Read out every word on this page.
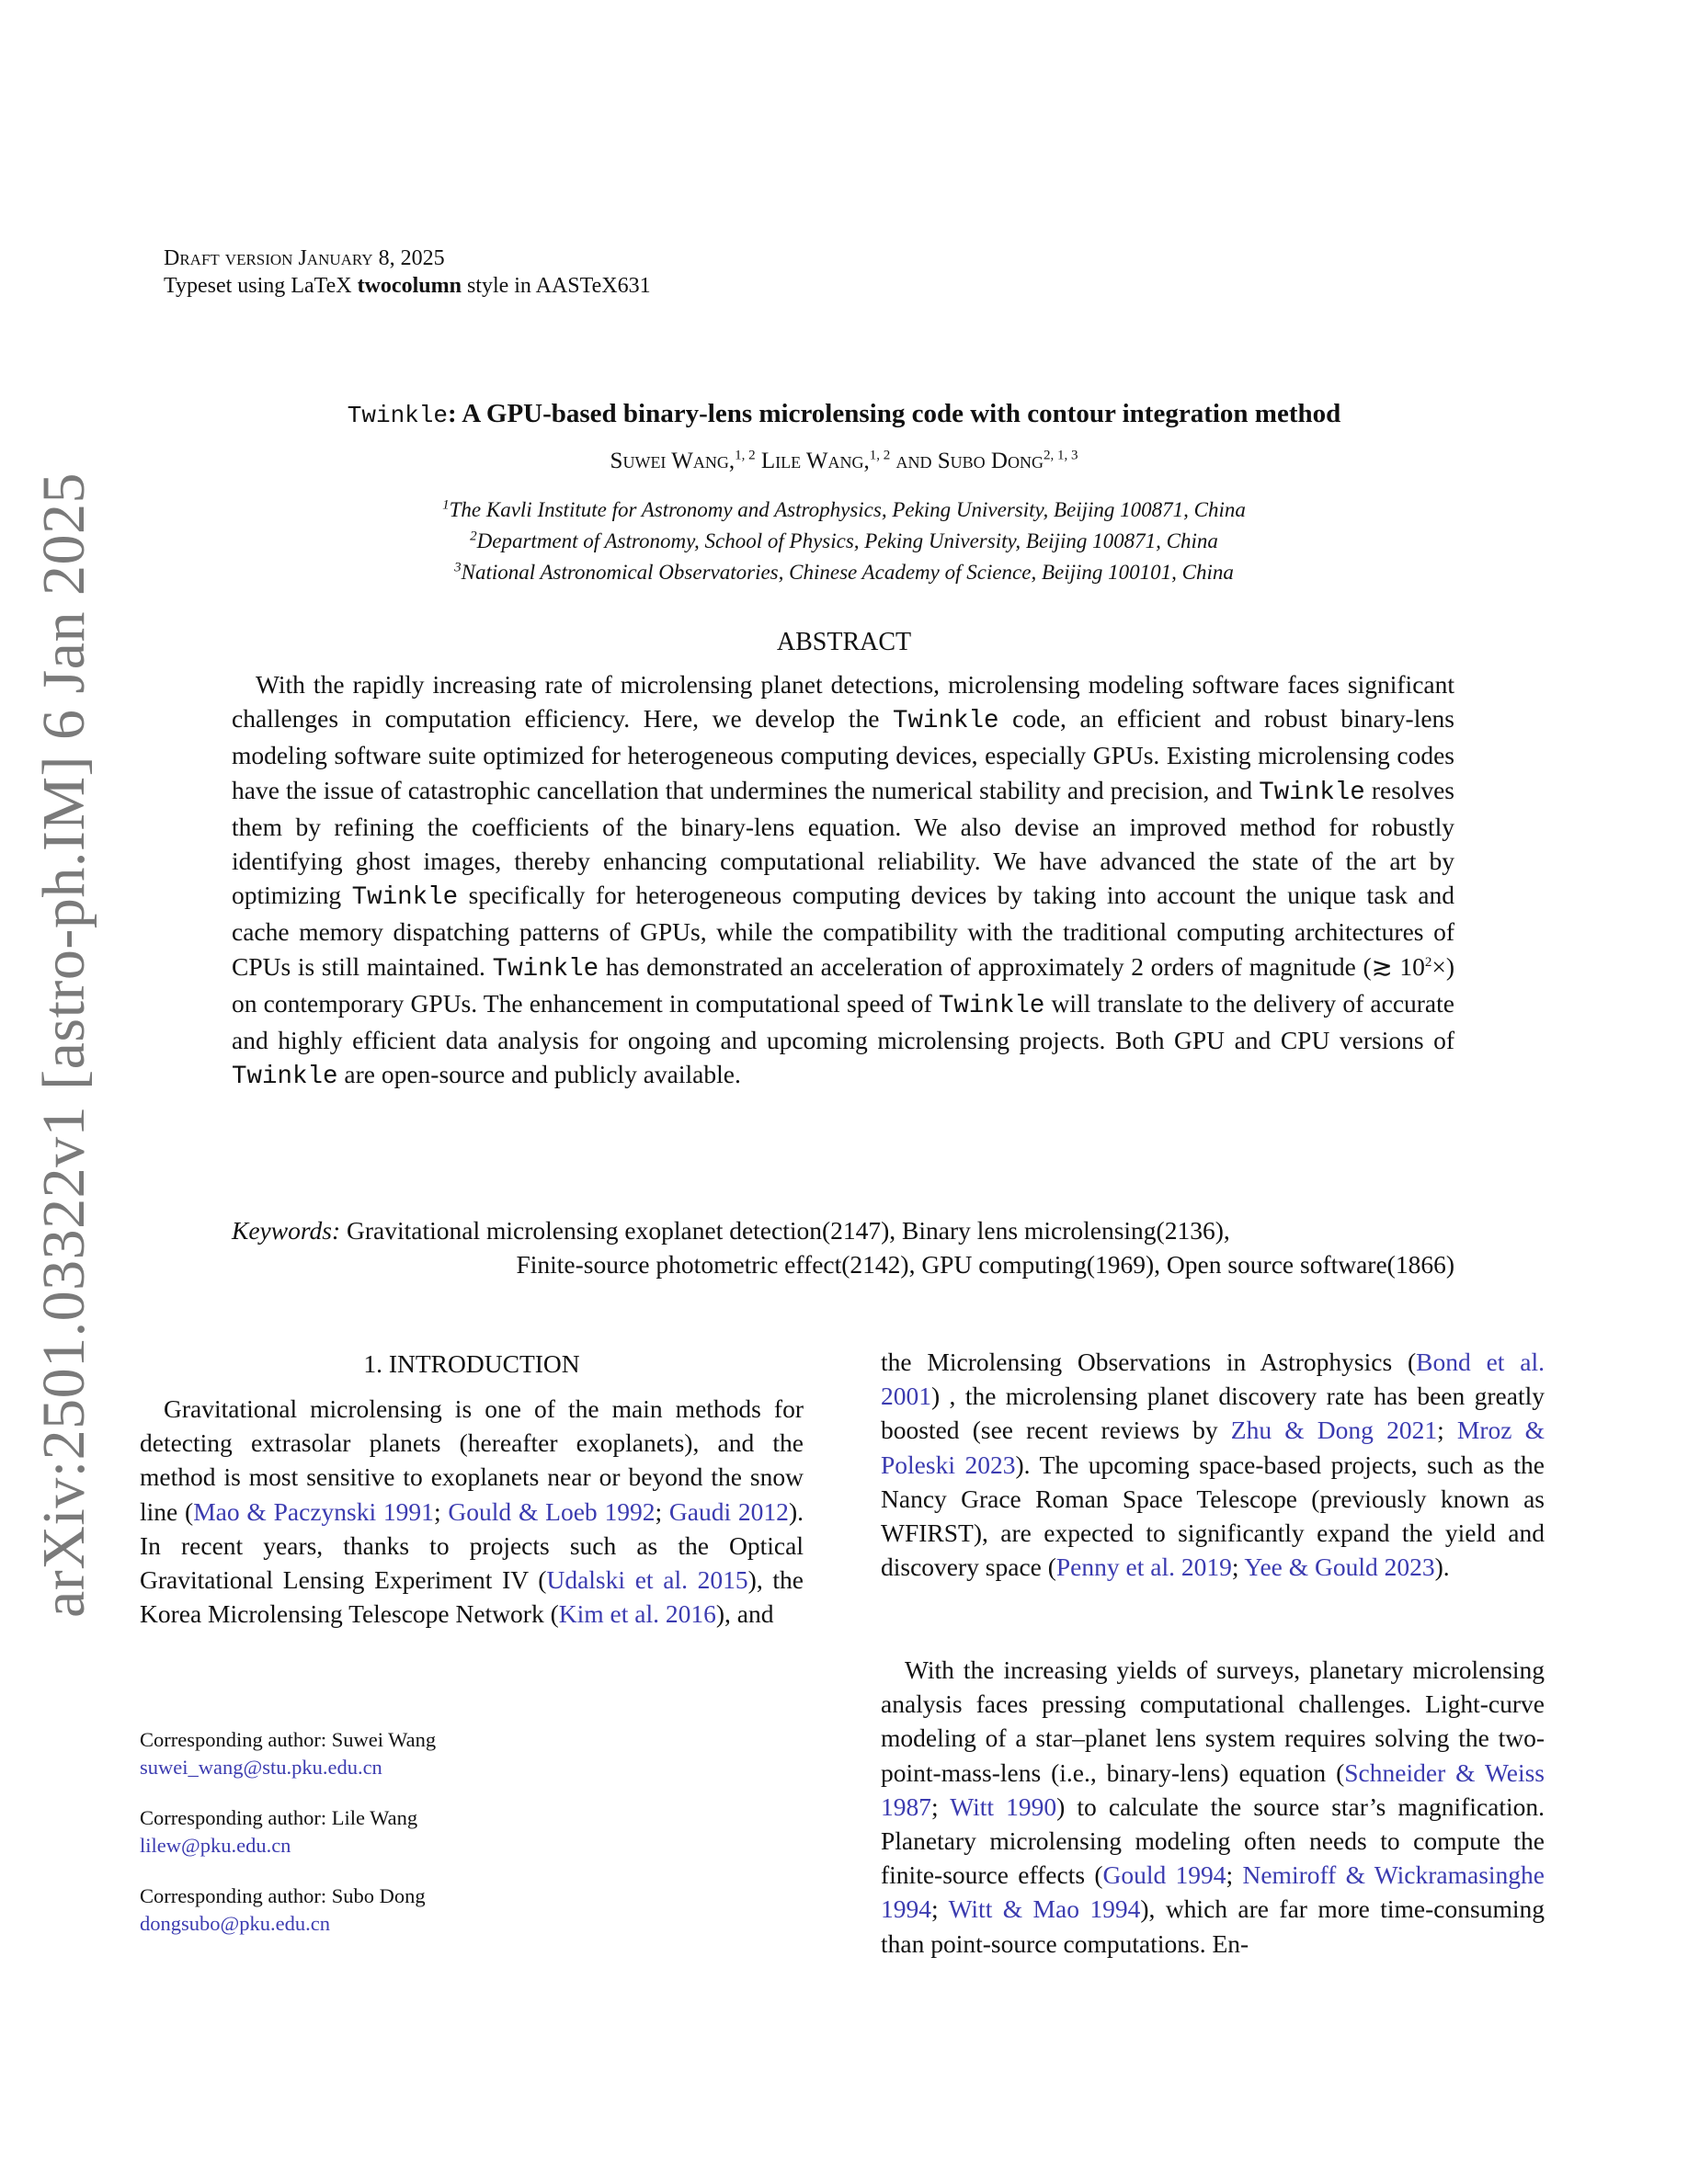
arXiv:2501.03322v1 [astro-ph.IM] 6 Jan 2025
Draft version January 8, 2025
Typeset using LaTeX twocolumn style in AASTeX631
Twinkle: A GPU-based binary-lens microlensing code with contour integration method
Suwei Wang,$^{1, 2}$ Lile Wang,$^{1, 2}$ and Subo Dong$^{2, 1, 3}$
$^1$The Kavli Institute for Astronomy and Astrophysics, Peking University, Beijing 100871, China
$^2$Department of Astronomy, School of Physics, Peking University, Beijing 100871, China
$^3$National Astronomical Observatories, Chinese Academy of Science, Beijing 100101, China
ABSTRACT

With the rapidly increasing rate of microlensing planet detections, microlensing modeling software faces significant challenges in computation efficiency. Here, we develop the Twinkle code, an efficient and robust binary-lens modeling software suite optimized for heterogeneous computing devices, especially GPUs. Existing microlensing codes have the issue of catastrophic cancellation that undermines the numerical stability and precision, and Twinkle resolves them by refining the coefficients of the binary-lens equation. We also devise an improved method for robustly identifying ghost images, thereby enhancing computational reliability. We have advanced the state of the art by optimizing Twinkle specifically for heterogeneous computing devices by taking into account the unique task and cache memory dispatching patterns of GPUs, while the compatibility with the traditional computing architectures of CPUs is still maintained. Twinkle has demonstrated an acceleration of approximately 2 orders of magnitude (≳ $10^2\times$) on contemporary GPUs. The enhancement in computational speed of Twinkle will translate to the delivery of accurate and highly efficient data analysis for ongoing and upcoming microlensing projects. Both GPU and CPU versions of Twinkle are open-source and publicly available.

Keywords: Gravitational microlensing exoplanet detection(2147), Binary lens microlensing(2136),
Finite-source photometric effect(2142), GPU computing(1969), Open source software(1866)
1. INTRODUCTION

Gravitational microlensing is one of the main methods for detecting extrasolar planets (hereafter exoplanets), and the method is most sensitive to exoplanets near or beyond the snow line (Mao & Paczynski 1991; Gould & Loeb 1992; Gaudi 2012). In recent years, thanks to projects such as the Optical Gravitational Lensing Experiment IV (Udalski et al. 2015), the Korea Microlensing Telescope Network (Kim et al. 2016), and

the Microlensing Observations in Astrophysics (Bond et al. 2001) , the microlensing planet discovery rate has been greatly boosted (see recent reviews by Zhu & Dong 2021; Mroz & Poleski 2023). The upcoming space-based projects, such as the Nancy Grace Roman Space Telescope (previously known as WFIRST), are expected to significantly expand the yield and discovery space (Penny et al. 2019; Yee & Gould 2023).

With the increasing yields of surveys, planetary microlensing analysis faces pressing computational challenges. Light-curve modeling of a star–planet lens system requires solving the two-point-mass-lens (i.e., binary-lens) equation (Schneider & Weiss 1987; Witt 1990) to calculate the source star’s magnification. Planetary microlensing modeling often needs to compute the finite-source effects (Gould 1994; Nemiroff & Wickramasinghe 1994; Witt & Mao 1994), which are far more time-consuming than point-source computations. En-

Corresponding author: Suwei Wang
suwei_wang@stu.pku.edu.cn
Corresponding author: Lile Wang
lilew@pku.edu.cn
Corresponding author: Subo Dong
dongsubo@pku.edu.cn
